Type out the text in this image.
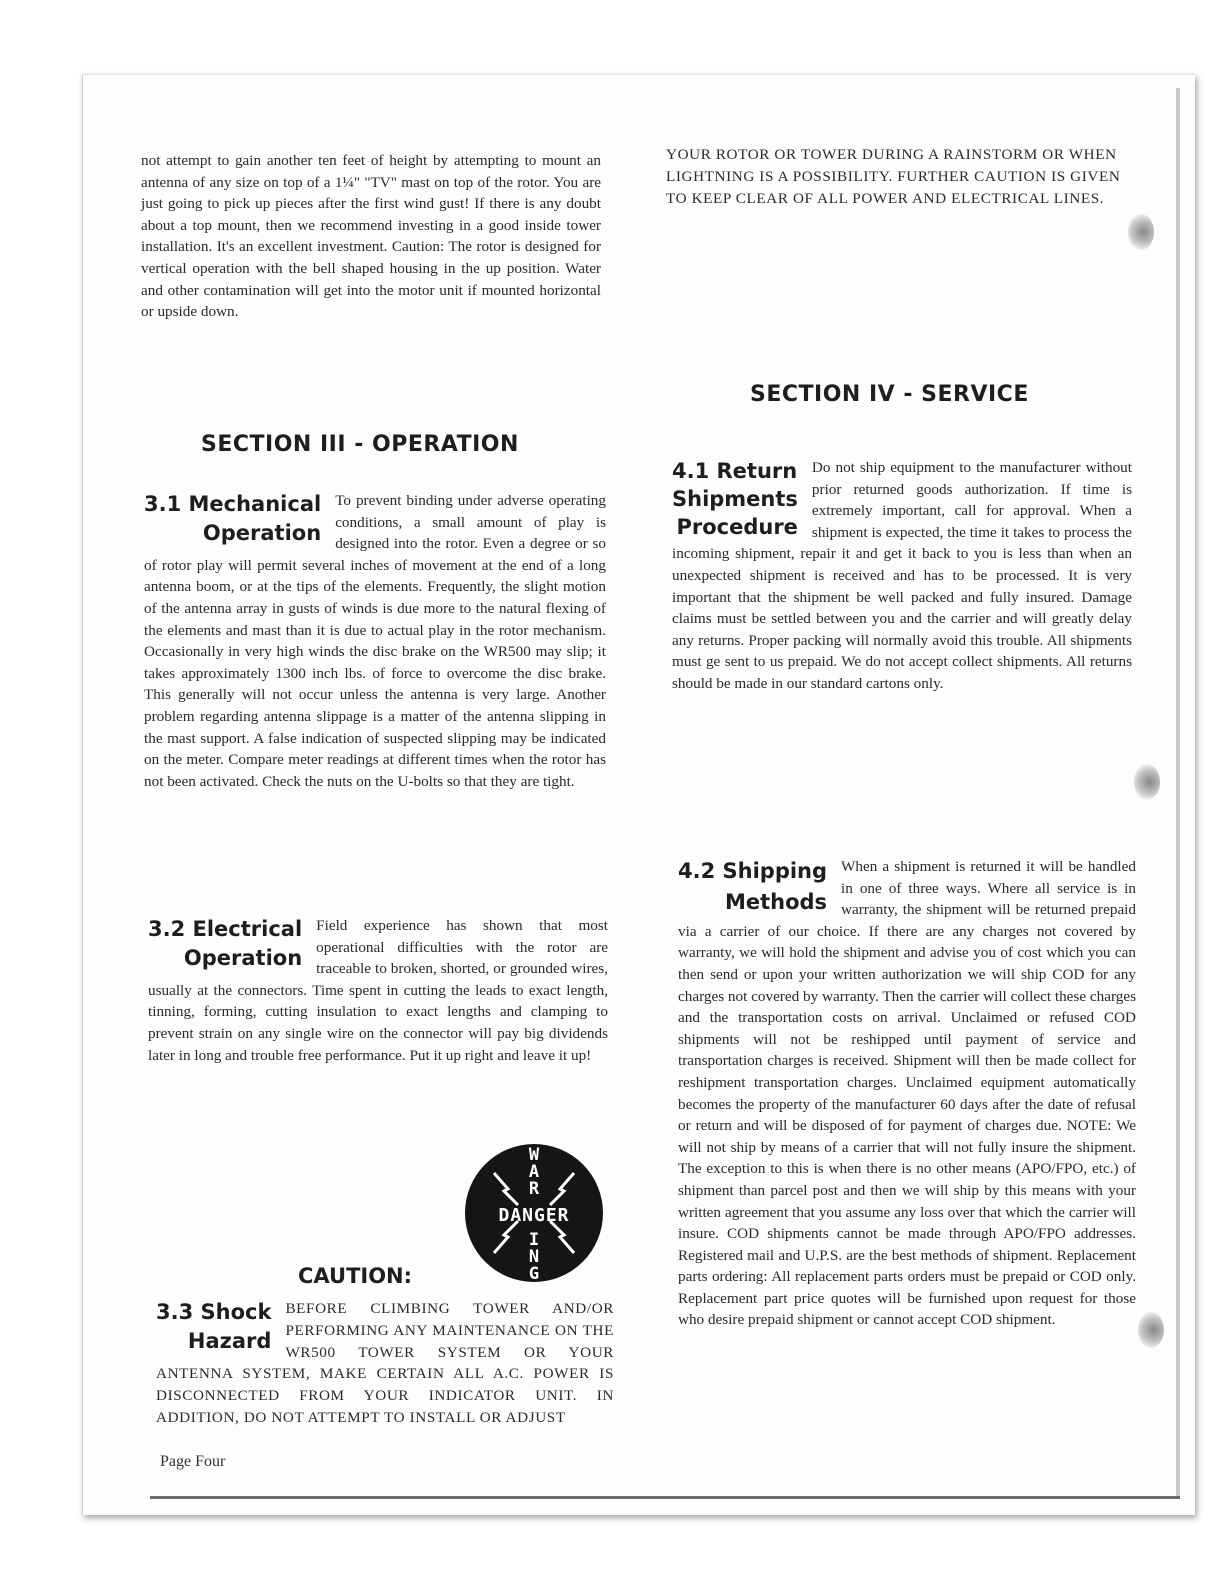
not attempt to gain another ten feet of height by attempting to mount an antenna of any size on top of a 1¼" "TV" mast on top of the rotor. You are just going to pick up pieces after the first wind gust! If there is any doubt about a top mount, then we recommend investing in a good inside tower installation. It's an excellent investment. Caution: The rotor is designed for vertical operation with the bell shaped housing in the up position. Water and other contamination will get into the motor unit if mounted horizontal or upside down.
SECTION III - OPERATION
3.1 Mechanical
Operation
To prevent binding under adverse operating conditions, a small amount of play is designed into the rotor. Even a degree or so of rotor play will permit several inches of movement at the end of a long antenna boom, or at the tips of the elements. Frequently, the slight motion of the antenna array in gusts of winds is due more to the natural flexing of the elements and mast than it is due to actual play in the rotor mechanism. Occasionally in very high winds the disc brake on the WR500 may slip; it takes approximately 1300 inch lbs. of force to overcome the disc brake. This generally will not occur unless the antenna is very large. Another problem regarding antenna slippage is a matter of the antenna slipping in the mast support. A false indication of suspected slipping may be indicated on the meter. Compare meter readings at different times when the rotor has not been activated. Check the nuts on the U-bolts so that they are tight.
3.2 Electrical
Operation
Field experience has shown that most operational difficulties with the rotor are traceable to broken, shorted, or grounded wires, usually at the connectors. Time spent in cutting the leads to exact length, tinning, forming, cutting insulation to exact lengths and clamping to prevent strain on any single wire on the connector will pay big dividends later in long and trouble free performance. Put it up right and leave it up!
W
A
R
I
G
N
DANGER
CAUTION:
3.3 Shock
Hazard
BEFORE CLIMBING TOWER AND/OR PERFORMING ANY MAINTENANCE ON THE WR500 TOWER SYSTEM OR YOUR ANTENNA SYSTEM, MAKE CERTAIN ALL A.C. POWER IS DISCONNECTED FROM YOUR INDICATOR UNIT. IN ADDITION, DO NOT ATTEMPT TO INSTALL OR ADJUST
Page Four
YOUR ROTOR OR TOWER DURING A RAINSTORM OR WHEN LIGHTNING IS A POSSIBILITY. FURTHER CAUTION IS GIVEN TO KEEP CLEAR OF ALL POWER AND ELECTRICAL LINES.
SECTION IV - SERVICE
4.1 Return
Shipments
Procedure
Do not ship equipment to the manufacturer without prior returned goods authorization. If time is extremely important, call for approval. When a shipment is expected, the time it takes to process the incoming shipment, repair it and get it back to you is less than when an unexpected shipment is received and has to be processed. It is very important that the shipment be well packed and fully insured. Damage claims must be settled between you and the carrier and will greatly delay any returns. Proper packing will normally avoid this trouble. All shipments must ge sent to us prepaid. We do not accept collect shipments. All returns should be made in our standard cartons only.
4.2 Shipping
Methods
When a shipment is returned it will be handled in one of three ways. Where all service is in warranty, the shipment will be returned prepaid via a carrier of our choice. If there are any charges not covered by warranty, we will hold the shipment and advise you of cost which you can then send or upon your written authorization we will ship COD for any charges not covered by warranty. Then the carrier will collect these charges and the transportation costs on arrival. Unclaimed or refused COD shipments will not be reshipped until payment of service and transportation charges is received. Shipment will then be made collect for reshipment transportation charges. Unclaimed equipment automatically becomes the property of the manufacturer 60 days after the date of refusal or return and will be disposed of for payment of charges due. NOTE: We will not ship by means of a carrier that will not fully insure the shipment. The exception to this is when there is no other means (APO/FPO, etc.) of shipment than parcel post and then we will ship by this means with your written agreement that you assume any loss over that which the carrier will insure. COD shipments cannot be made through APO/FPO addresses. Registered mail and U.P.S. are the best methods of shipment. Replacement parts ordering: All replacement parts orders must be prepaid or COD only. Replacement part price quotes will be furnished upon request for those who desire prepaid shipment or cannot accept COD shipment.
